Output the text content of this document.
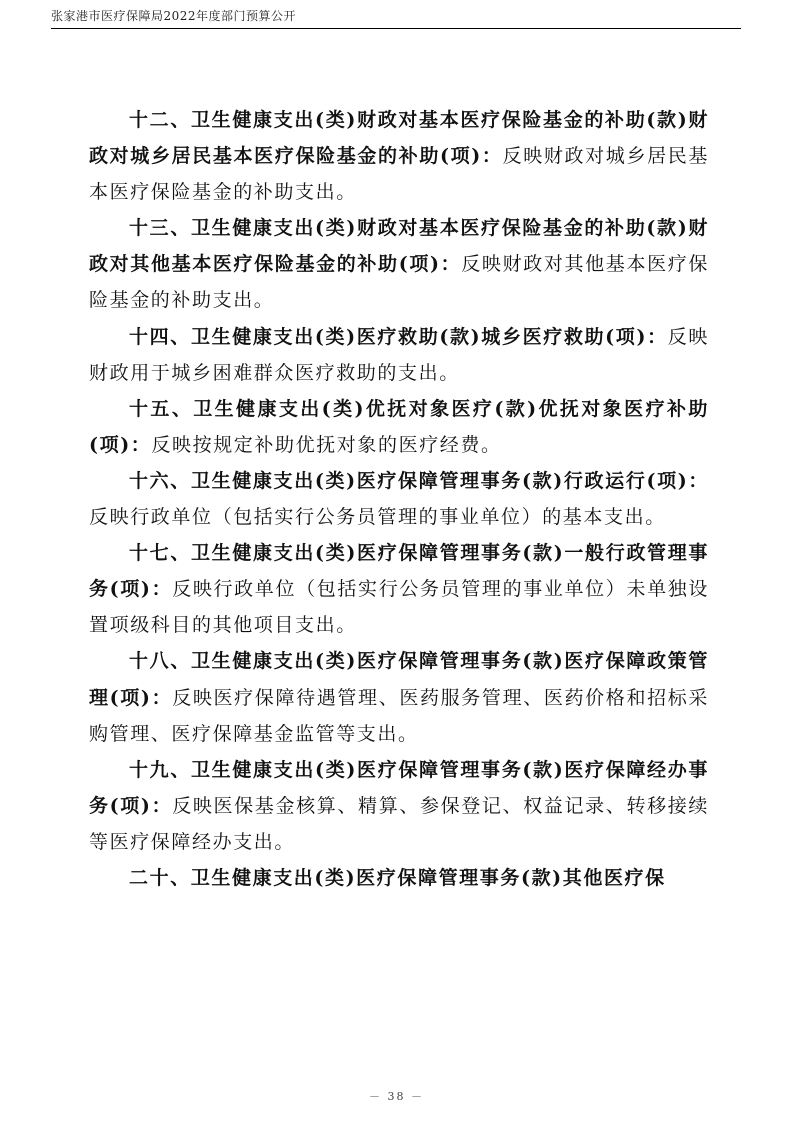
张家港市医疗保障局2022年度部门预算公开

十二、卫生健康支出(类)财政对基本医疗保险基金的补助(款)财政对城乡居民基本医疗保险基金的补助(项)：反映财政对城乡居民基本医疗保险基金的补助支出。

十三、卫生健康支出(类)财政对基本医疗保险基金的补助(款)财政对其他基本医疗保险基金的补助(项)：反映财政对其他基本医疗保险基金的补助支出。

十四、卫生健康支出(类)医疗救助(款)城乡医疗救助(项)：反映财政用于城乡困难群众医疗救助的支出。

十五、卫生健康支出(类)优抚对象医疗(款)优抚对象医疗补助(项)：反映按规定补助优抚对象的医疗经费。

十六、卫生健康支出(类)医疗保障管理事务(款)行政运行(项)：反映行政单位（包括实行公务员管理的事业单位）的基本支出。

十七、卫生健康支出(类)医疗保障管理事务(款)一般行政管理事务(项)：反映行政单位（包括实行公务员管理的事业单位）未单独设置项级科目的其他项目支出。

十八、卫生健康支出(类)医疗保障管理事务(款)医疗保障政策管理(项)：反映医疗保障待遇管理、医药服务管理、医药价格和招标采购管理、医疗保障基金监管等支出。

十九、卫生健康支出(类)医疗保障管理事务(款)医疗保障经办事务(项)：反映医保基金核算、精算、参保登记、权益记录、转移接续等医疗保障经办支出。

二十、卫生健康支出(类)医疗保障管理事务(款)其他医疗保

－ 38 －
